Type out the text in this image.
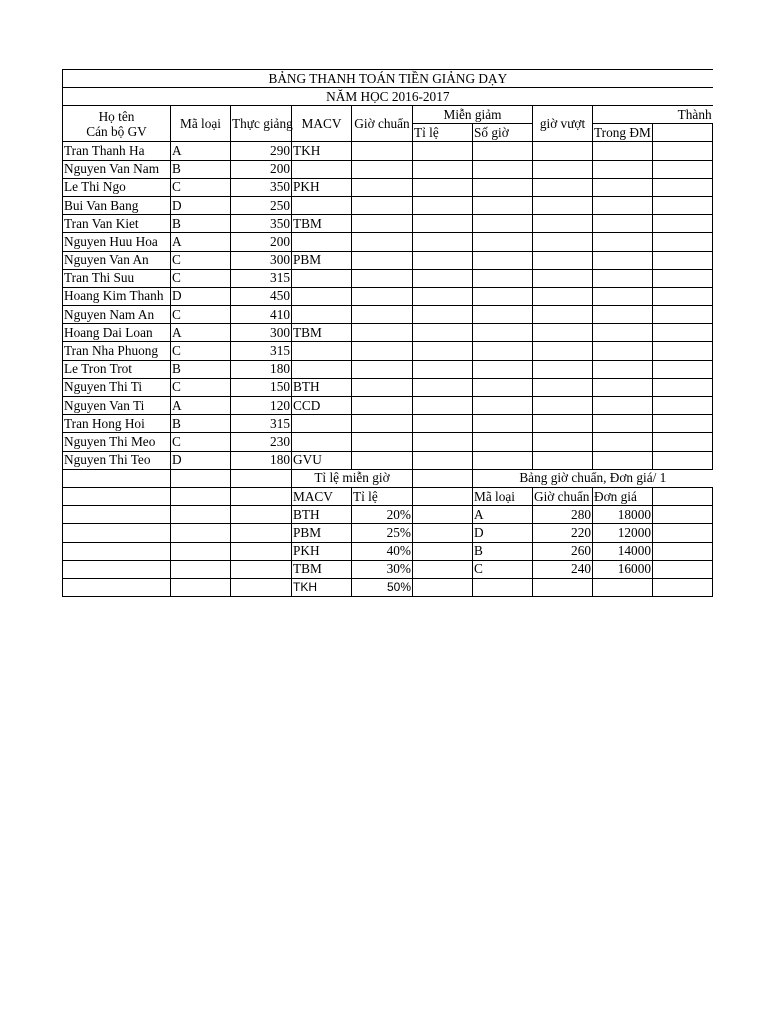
BẢNG THANH TOÁN TIỀN GIẢNG DẠY									
NĂM HỌC 2016-2017									

Họ tên
Cán bộ GV	Mã loại	Thực giảng	MACV	Giờ chuẩn	Miễn giảm		giờ vượt	Thành	
					Tỉ lệ	Số giờ		Trong ĐM	
Tran Thanh Ha	A	290	TKH						
Nguyen Van Nam	B	200							
Le Thi Ngo	C	350	PKH						
Bui Van Bang	D	250							
Tran Van Kiet	B	350	TBM						
Nguyen Huu Hoa	A	200							
Nguyen Van An	C	300	PBM						
Tran Thi Suu	C	315							
Hoang Kim Thanh	D	450							
Nguyen Nam An	C	410							
Hoang Dai Loan	A	300	TBM						
Tran Nha Phuong	C	315							
Le Tron Trot	B	180							
Nguyen Thi Ti	C	150	BTH						
Nguyen Van Ti	A	120	CCD						
Tran Hong Hoi	B	315							
Nguyen Thi Meo	C	230							
Nguyen Thi Teo	D	180	GVU						
			Tỉ lệ miễn giờ			Bảng giờ chuẩn, Đơn giá/ 1			
			MACV	Tỉ lệ		Mã loại	Giờ chuẩn	Đơn giá	
			BTH	20%		A	280	18000	
			PBM	25%		D	220	12000	
			PKH	40%		B	260	14000	
			TBM	30%		C	240	16000	
			TKH	50%					
